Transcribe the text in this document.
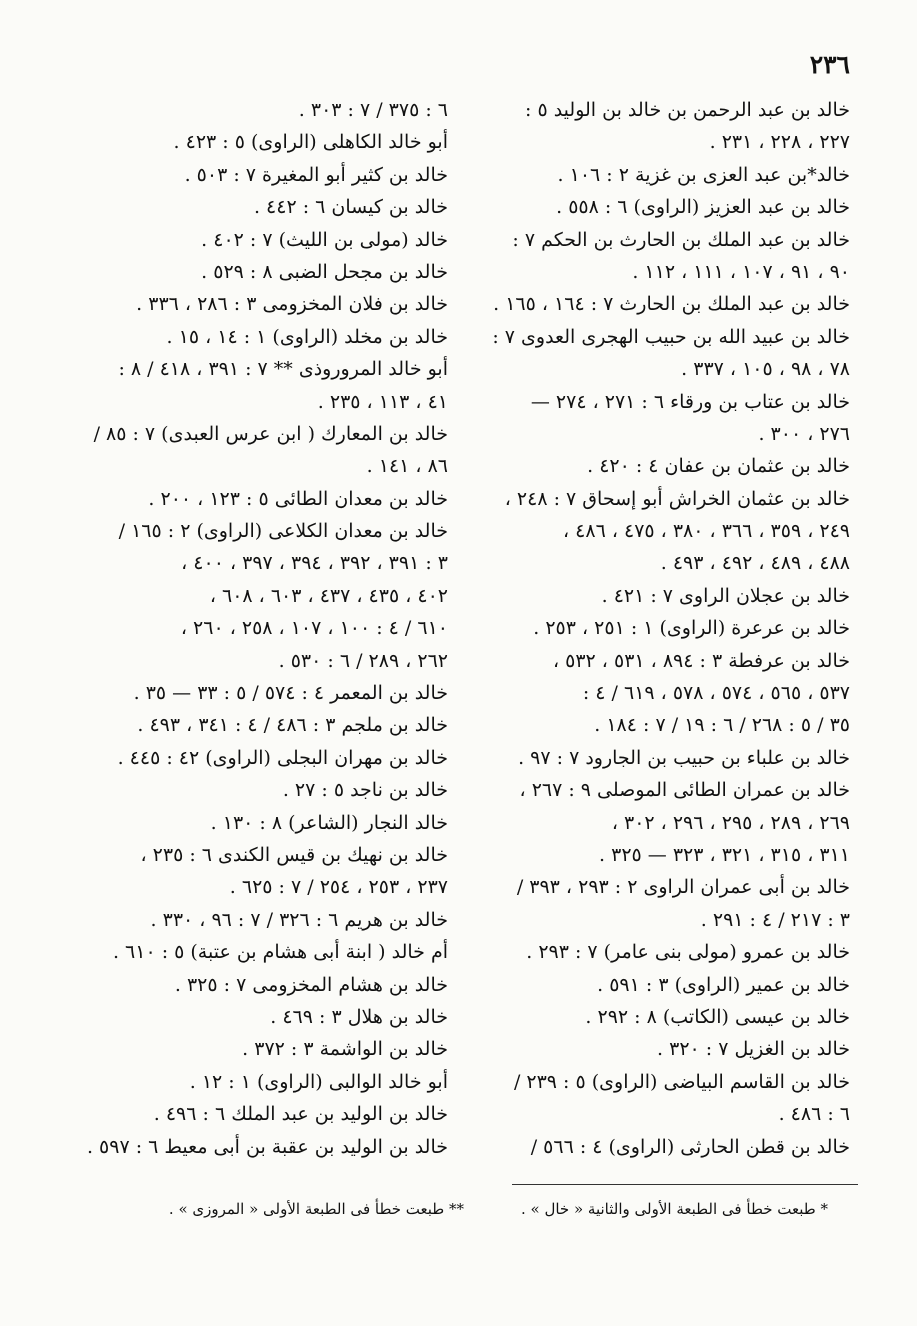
٢٣٦
خالد بن عبد الرحمن بن خالد بن الوليد ٥ :
٢٢٧ ، ٢٢٨ ، ٢٣١ .
خالد*بن عبد العزى بن غزية ٢ : ١٠٦ .
خالد بن عبد العزيز (الراوى) ٦ : ٥٥٨ .
خالد بن عبد الملك بن الحارث بن الحكم ٧ :
٩٠ ، ٩١ ، ١٠٧ ، ١١١ ، ١١٢ .
خالد بن عبد الملك بن الحارث ٧ : ١٦٤ ، ١٦٥ .
خالد بن عبيد الله بن حبيب الهجرى العدوى ٧ :
٧٨ ، ٩٨ ، ١٠٥ ، ٣٣٧ .
خالد بن عتاب بن ورقاء ٦ : ٢٧١ ، ٢٧٤ —
٢٧٦ ، ٣٠٠ .
خالد بن عثمان بن عفان ٤ : ٤٢٠ .
خالد بن عثمان الخراش أبو إسحاق ٧ : ٢٤٨ ،
٢٤٩ ، ٣٥٩ ، ٣٦٦ ، ٣٨٠ ، ٤٧٥ ، ٤٨٦ ،
٤٨٨ ، ٤٨٩ ، ٤٩٢ ، ٤٩٣ .
خالد بن عجلان الراوى ٧ : ٤٢١ .
خالد بن عرعرة (الراوى) ١ : ٢٥١ ، ٢٥٣ .
خالد بن عرفطة ٣ : ٨٩٤ ، ٥٣١ ، ٥٣٢ ،
٥٣٧ ، ٥٦٥ ، ٥٧٤ ، ٥٧٨ ، ٦١٩ / ٤ :
٣٥ / ٥ : ٢٦٨ / ٦ : ١٩ / ٧ : ١٨٤ .
خالد بن علباء بن حبيب بن الجارود ٧ : ٩٧ .
خالد بن عمران الطائى الموصلى ٩ : ٢٦٧ ،
٢٦٩ ، ٢٨٩ ، ٢٩٥ ، ٢٩٦ ، ٣٠٢ ،
٣١١ ، ٣١٥ ، ٣٢١ ، ٣٢٣ — ٣٢٥ .
خالد بن أبى عمران الراوى ٢ : ٢٩٣ ، ٣٩٣ /
٣ : ٢١٧ / ٤ : ٢٩١ .
خالد بن عمرو (مولى بنى عامر) ٧ : ٢٩٣ .
خالد بن عمير (الراوى) ٣ : ٥٩١ .
خالد بن عيسى (الكاتب) ٨ : ٢٩٢ .
خالد بن الغزيل ٧ : ٣٢٠ .
خالد بن القاسم البياضى (الراوى) ٥ : ٢٣٩ /
٦ : ٤٨٦ .
خالد بن قطن الحارثى (الراوى) ٤ : ٥٦٦ /
٦ : ٣٧٥ / ٧ : ٣٠٣ .
أبو خالد الكاهلى (الراوى) ٥ : ٤٢٣ .
خالد بن كثير أبو المغيرة ٧ : ٥٠٣ .
خالد بن كيسان ٦ : ٤٤٢ .
خالد (مولى بن الليث) ٧ : ٤٠٢ .
خالد بن مجحل الضبى ٨ : ٥٢٩ .
خالد بن فلان المخزومى ٣ : ٢٨٦ ، ٣٣٦ .
خالد بن مخلد (الراوى) ١ : ١٤ ، ١٥ .
أبو خالد المروروذى ** ٧ : ٣٩١ ، ٤١٨ / ٨ :
٤١ ، ١١٣ ، ٢٣٥ .
خالد بن المعارك ( ابن عرس العبدى) ٧ : ٨٥ /
٨٦ ، ١٤١ .
خالد بن معدان الطائى ٥ : ١٢٣ ، ٢٠٠ .
خالد بن معدان الكلاعى (الراوى) ٢ : ١٦٥ /
٣ : ٣٩١ ، ٣٩٢ ، ٣٩٤ ، ٣٩٧ ، ٤٠٠ ،
٤٠٢ ، ٤٣٥ ، ٤٣٧ ، ٦٠٣ ، ٦٠٨ ،
٦١٠ / ٤ : ١٠٠ ، ١٠٧ ، ٢٥٨ ، ٢٦٠ ،
٢٦٢ ، ٢٨٩ / ٦ : ٥٣٠ .
خالد بن المعمر ٤ : ٥٧٤ / ٥ : ٣٣ — ٣٥ .
خالد بن ملجم ٣ : ٤٨٦ / ٤ : ٣٤١ ، ٤٩٣ .
خالد بن مهران البجلى (الراوى) ٤٢ : ٤٤٥ .
خالد بن ناجد ٥ : ٢٧ .
خالد النجار (الشاعر) ٨ : ١٣٠ .
خالد بن نهيك بن قيس الكندى ٦ : ٢٣٥ ،
٢٣٧ ، ٢٥٣ ، ٢٥٤ / ٧ : ٦٢٥ .
خالد بن هريم ٦ : ٣٢٦ / ٧ : ٩٦ ، ٣٣٠ .
أم خالد ( ابنة أبى هشام بن عتبة) ٥ : ٦١٠ .
خالد بن هشام المخزومى ٧ : ٣٢٥ .
خالد بن هلال ٣ : ٤٦٩ .
خالد بن الواشمة ٣ : ٣٧٢ .
أبو خالد الوالبى (الراوى) ١ : ١٢ .
خالد بن الوليد بن عبد الملك ٦ : ٤٩٦ .
خالد بن الوليد بن عقبة بن أبى معيط ٦ : ٥٩٧ .
* طبعت خطأ فى الطبعة الأولى والثانية « خال » .
** طبعت خطأ فى الطبعة الأولى « المروزى » .
